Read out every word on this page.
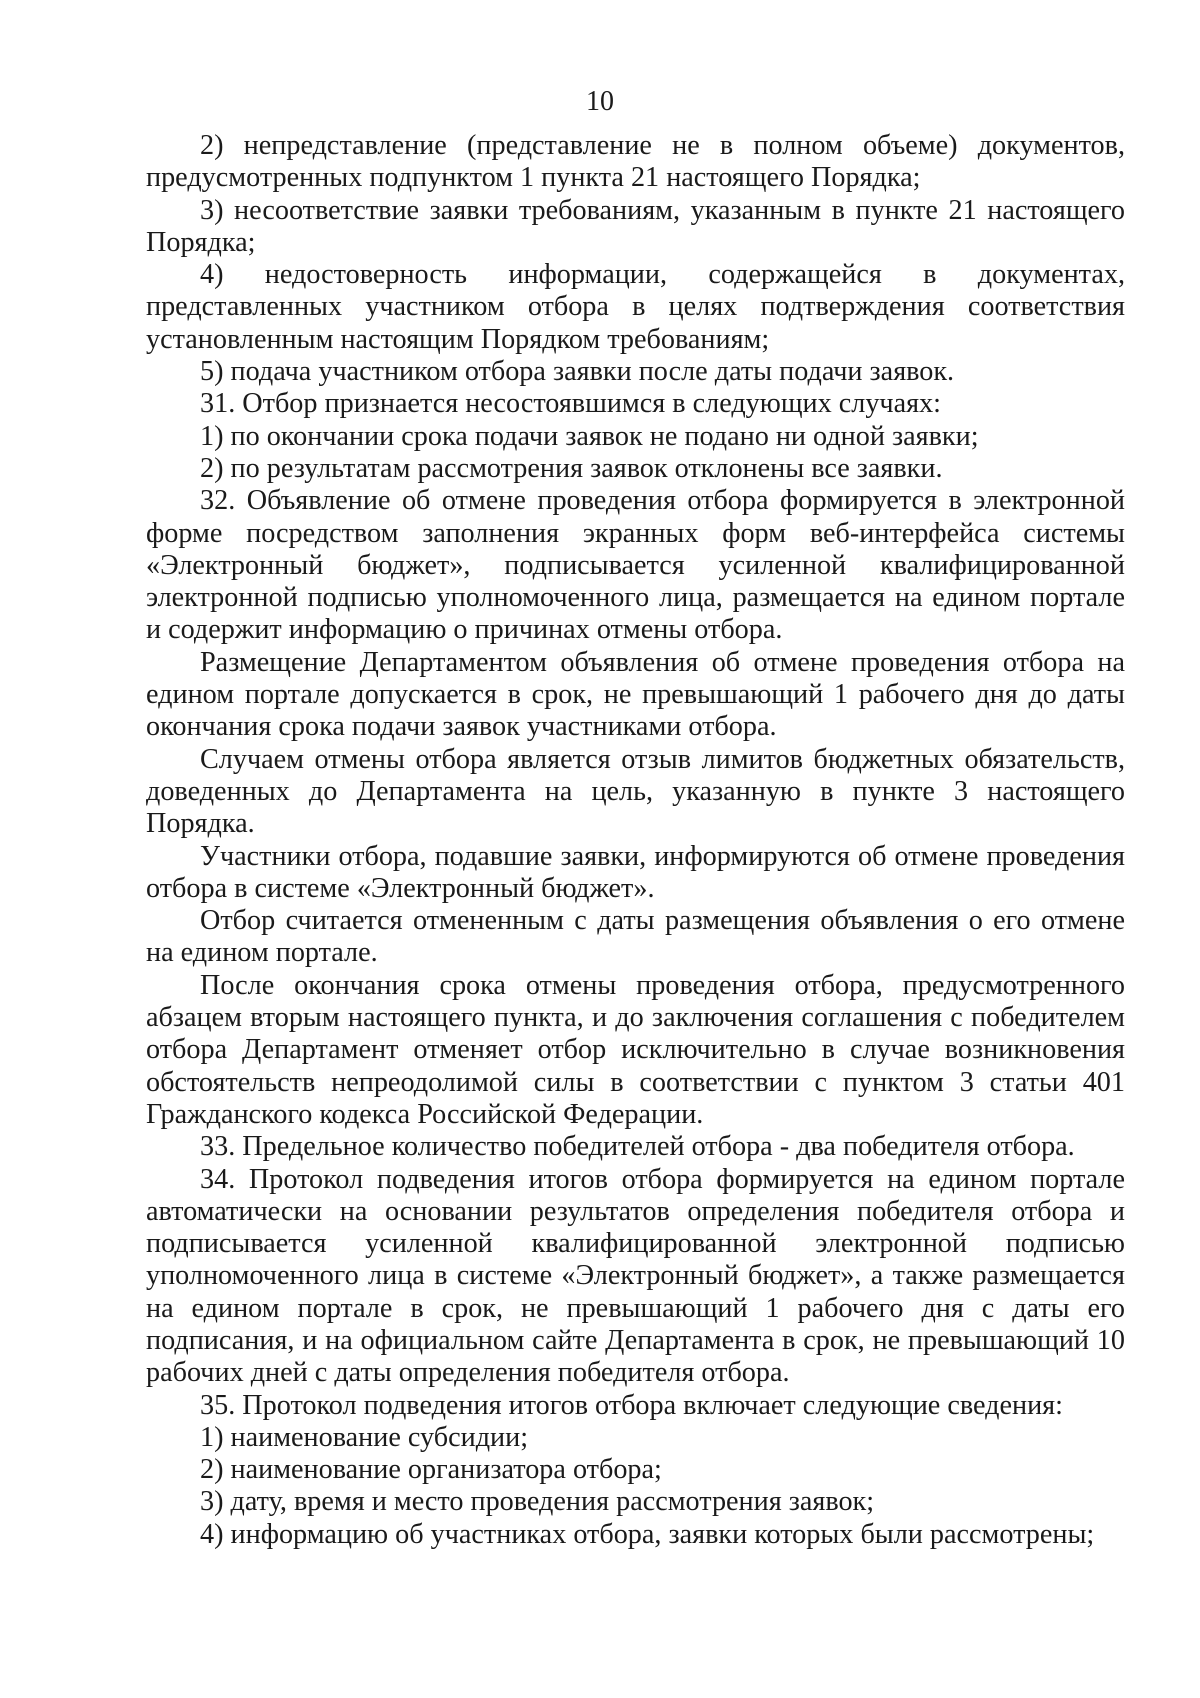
10

2) непредставление (представление не в полном объеме) документов, предусмотренных подпунктом 1 пункта 21 настоящего Порядка;

3) несоответствие заявки требованиям, указанным в пункте 21 настоящего Порядка;

4) недостоверность информации, содержащейся в документах, представленных участником отбора в целях подтверждения соответствия установленным настоящим Порядком требованиям;

5) подача участником отбора заявки после даты подачи заявок.

31. Отбор признается несостоявшимся в следующих случаях:

1) по окончании срока подачи заявок не подано ни одной заявки;

2) по результатам рассмотрения заявок отклонены все заявки.

32. Объявление об отмене проведения отбора формируется в электронной форме посредством заполнения экранных форм веб-интерфейса системы «Электронный бюджет», подписывается усиленной квалифицированной электронной подписью уполномоченного лица, размещается на едином портале и содержит информацию о причинах отмены отбора.

Размещение Департаментом объявления об отмене проведения отбора на едином портале допускается в срок, не превышающий 1 рабочего дня до даты окончания срока подачи заявок участниками отбора.

Случаем отмены отбора является отзыв лимитов бюджетных обязательств, доведенных до Департамента на цель, указанную в пункте 3 настоящего Порядка.

Участники отбора, подавшие заявки, информируются об отмене проведения отбора в системе «Электронный бюджет».

Отбор считается отмененным с даты размещения объявления о его отмене на едином портале.

После окончания срока отмены проведения отбора, предусмотренного абзацем вторым настоящего пункта, и до заключения соглашения с победителем отбора Департамент отменяет отбор исключительно в случае возникновения обстоятельств непреодолимой силы в соответствии с пунктом 3 статьи 401 Гражданского кодекса Российской Федерации.

33. Предельное количество победителей отбора - два победителя отбора.

34. Протокол подведения итогов отбора формируется на едином портале автоматически на основании результатов определения победителя отбора и подписывается усиленной квалифицированной электронной подписью уполномоченного лица в системе «Электронный бюджет», а также размещается на едином портале в срок, не превышающий 1 рабочего дня с даты его подписания, и на официальном сайте Департамента в срок, не превышающий 10 рабочих дней с даты определения победителя отбора.

35. Протокол подведения итогов отбора включает следующие сведения:

1) наименование субсидии;

2) наименование организатора отбора;

3) дату, время и место проведения рассмотрения заявок;

4) информацию об участниках отбора, заявки которых были рассмотрены;
